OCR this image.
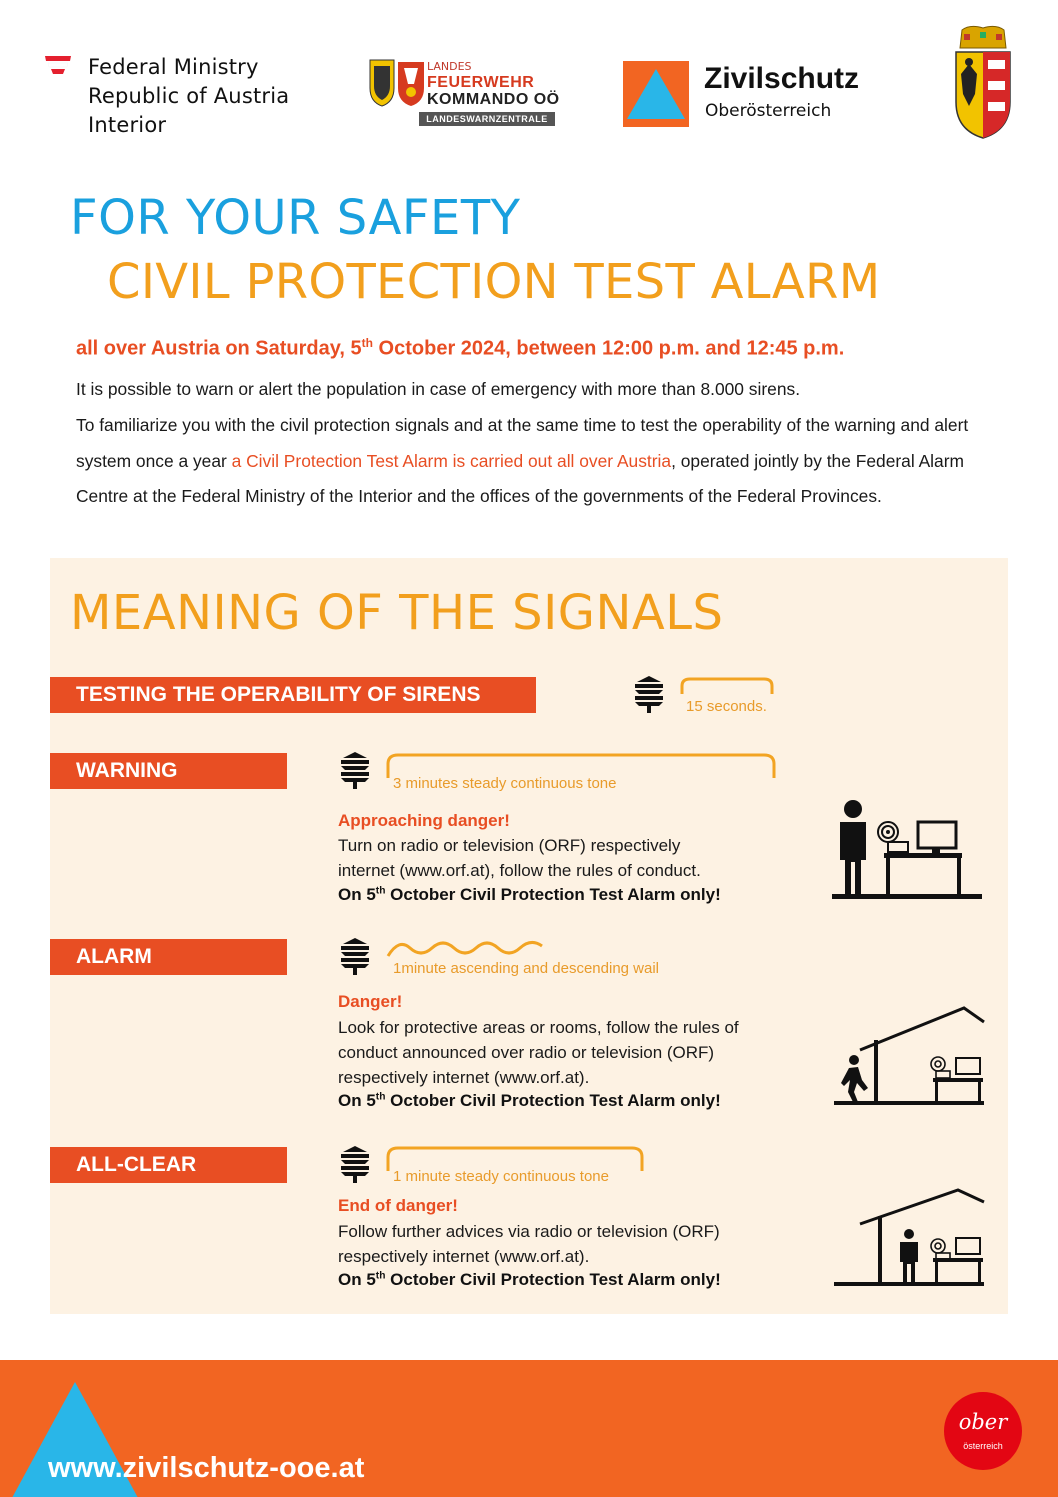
Federal Ministry
Republic of Austria
Interior
LANDES
FEUERWEHR
KOMMANDO OÖ
LANDESWARNZENTRALE
Zivilschutz
Oberösterreich
FOR YOUR SAFETY
CIVIL PROTECTION TEST ALARM
all over Austria on Saturday, 5th October 2024, between 12:00 p.m. and 12:45 p.m.
It is possible to warn or alert the population in case of emergency with more than 8.000 sirens.
To familiarize you with the civil protection signals and at the same time to test the operability of the warning and alert system once a year a Civil Protection Test Alarm is carried out all over Austria, operated jointly by the Federal Alarm Centre at the Federal Ministry of the Interior and the offices of the governments of the Federal Provinces.
MEANING OF THE SIGNALS
TESTING THE OPERABILITY OF SIRENS
15 seconds.
WARNING
3 minutes steady continuous tone
Approaching danger!
Turn on radio or television (ORF) respectively internet (www.orf.at), follow the rules of conduct.
On 5th October Civil Protection Test Alarm only!
ALARM
1minute ascending and descending wail
Danger!
Look for protective areas or rooms, follow the rules of conduct announced over radio or television (ORF) respectively internet (www.orf.at).
On 5th October Civil Protection Test Alarm only!
ALL-CLEAR
1 minute steady continuous tone
End of danger!
Follow further advices via radio or television (ORF) respectively internet (www.orf.at).
On 5th October Civil Protection Test Alarm only!
www.zivilschutz-ooe.at
ober
österreich
